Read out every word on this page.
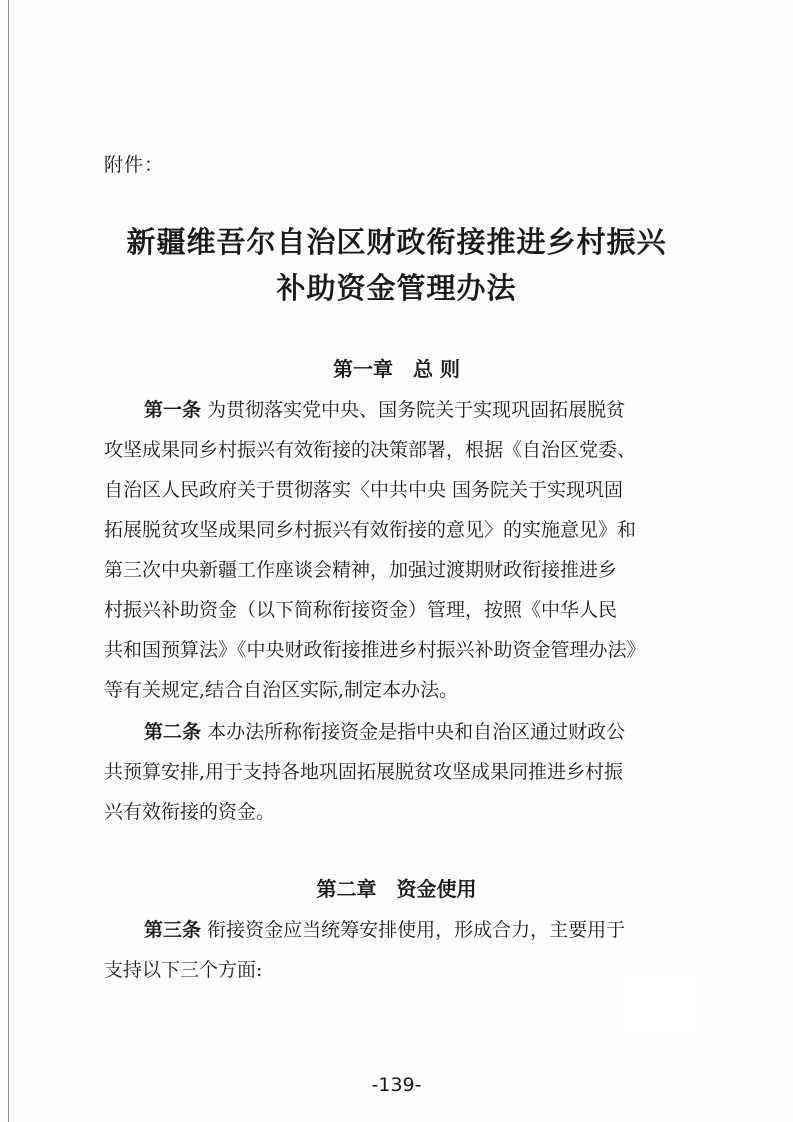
附件：
新疆维吾尔自治区财政衔接推进乡村振兴
补助资金管理办法
第一章 总 则
第一条 为贯彻落实党中央、国务院关于实现巩固拓展脱贫
攻坚成果同乡村振兴有效衔接的决策部署，根据《自治区党委、
自治区人民政府关于贯彻落实〈中共中央 国务院关于实现巩固
拓展脱贫攻坚成果同乡村振兴有效衔接的意见〉的实施意见》和
第三次中央新疆工作座谈会精神，加强过渡期财政衔接推进乡
村振兴补助资金（以下简称衔接资金）管理，按照《中华人民
共和国预算法》《中央财政衔接推进乡村振兴补助资金管理办法》
等有关规定,结合自治区实际,制定本办法。
第二条 本办法所称衔接资金是指中央和自治区通过财政公
共预算安排,用于支持各地巩固拓展脱贫攻坚成果同推进乡村振
兴有效衔接的资金。
第二章 资金使用
第三条 衔接资金应当统筹安排使用，形成合力，主要用于
支持以下三个方面:
-139-
